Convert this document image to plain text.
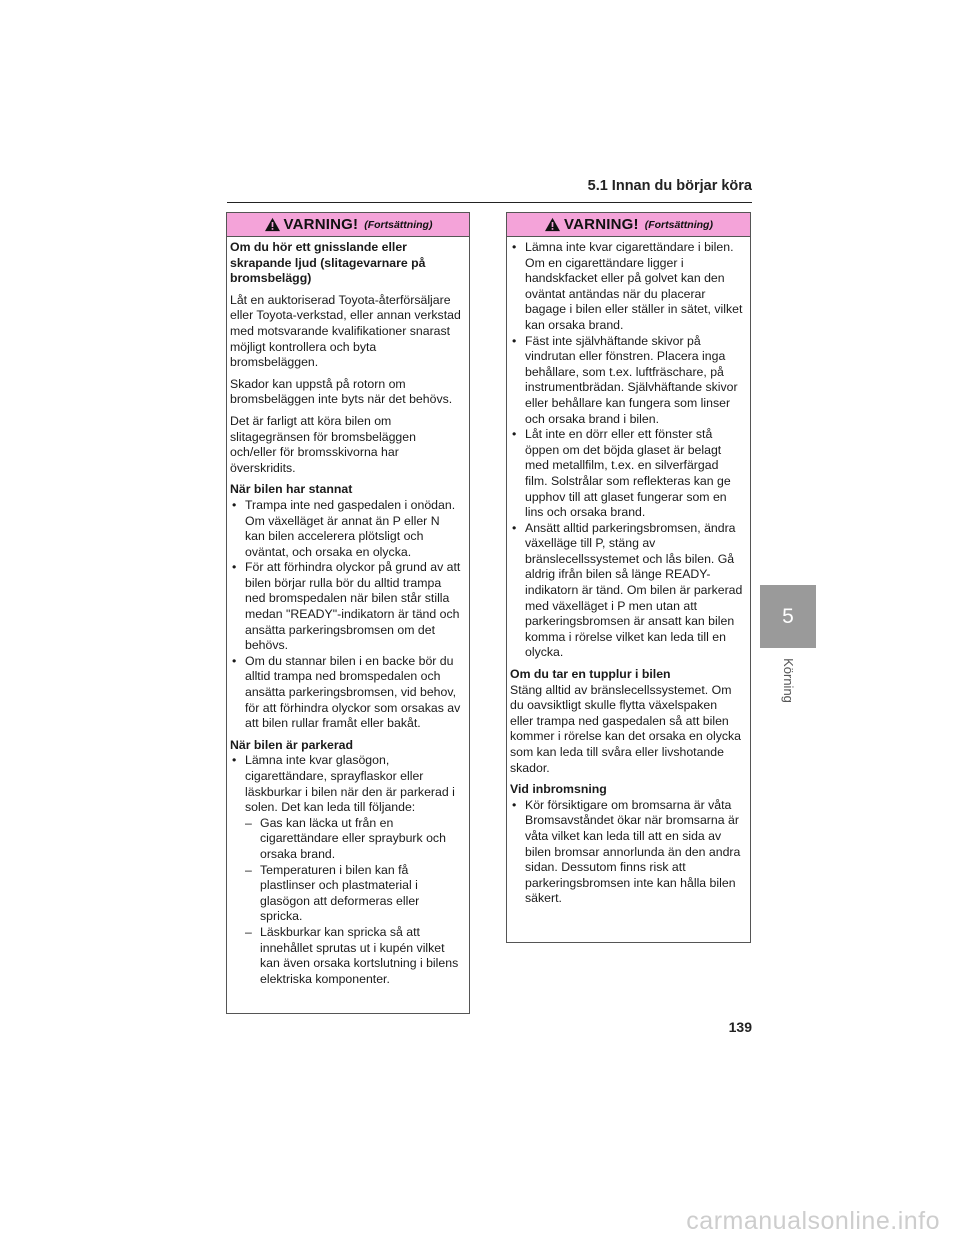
5.1 Innan du börjar köra
VARNING! (Fortsättning)

Om du hör ett gnisslande eller skrapande ljud (slitagevarnare på bromsbelägg)

Låt en auktoriserad Toyota-återförsäljare eller Toyota-verkstad, eller annan verkstad med motsvarande kvalifikationer snarast möjligt kontrollera och byta bromsbeläggen.

Skador kan uppstå på rotorn om bromsbeläggen inte byts när det behövs.

Det är farligt att köra bilen om slitagegränsen för bromsbeläggen och/eller för bromsskivorna har överskridits.

När bilen har stannat
• Trampa inte ned gaspedalen i onödan. Om växelläget är annat än P eller N kan bilen accelerera plötsligt och oväntat, och orsaka en olycka.
• För att förhindra olyckor på grund av att bilen börjar rulla bör du alltid trampa ned bromspedalen när bilen står stilla medan "READY"-indikatorn är tänd och ansätta parkeringsbromsen om det behövs.
• Om du stannar bilen i en backe bör du alltid trampa ned bromspedalen och ansätta parkeringsbromsen, vid behov, för att förhindra olyckor som orsakas av att bilen rullar framåt eller bakåt.
När bilen är parkerad
• Lämna inte kvar glasögon, cigarettändare, sprayflaskor eller läskburkar i bilen när den är parkerad i solen. Det kan leda till följande:
– Gas kan läcka ut från en cigarettändare eller sprayburk och orsaka brand.
– Temperaturen i bilen kan få plastlinser och plastmaterial i glasögon att deformeras eller spricka.
– Läskburkar kan spricka så att innehållet sprutas ut i kupén vilket kan även orsaka kortslutning i bilens elektriska komponenter.
VARNING! (Fortsättning)
• Lämna inte kvar cigarettändare i bilen. Om en cigarettändare ligger i handskfacket eller på golvet kan den oväntat antändas när du placerar bagage i bilen eller ställer in sätet, vilket kan orsaka brand.
• Fäst inte självhäftande skivor på vindrutan eller fönstren. Placera inga behållare, som t.ex. luftfräschare, på instrumentbrädan. Självhäftande skivor eller behållare kan fungera som linser och orsaka brand i bilen.
• Låt inte en dörr eller ett fönster stå öppen om det böjda glaset är belagt med metallfilm, t.ex. en silverfärgad film. Solstrålar som reflekteras kan ge upphov till att glaset fungerar som en lins och orsaka brand.
• Ansätt alltid parkeringsbromsen, ändra växelläge till P, stäng av bränslecellssystemet och lås bilen. Gå aldrig ifrån bilen så länge READY-indikatorn är tänd. Om bilen är parkerad med växelläget i P men utan att parkeringsbromsen är ansatt kan bilen komma i rörelse vilket kan leda till en olycka.
Om du tar en tupplur i bilen

Stäng alltid av bränslecellssystemet. Om du oavsiktligt skulle flytta växelspaken eller trampa ned gaspedalen så att bilen kommer i rörelse kan det orsaka en olycka som kan leda till svåra eller livshotande skador.

Vid inbromsning
• Kör försiktigare om bromsarna är våta Bromsavståndet ökar när bromsarna är våta vilket kan leda till att en sida av bilen bromsar annorlunda än den andra sidan. Dessutom finns risk att parkeringsbromsen inte kan hålla bilen säkert.
5
Körning
139
carmanualsonline.info
